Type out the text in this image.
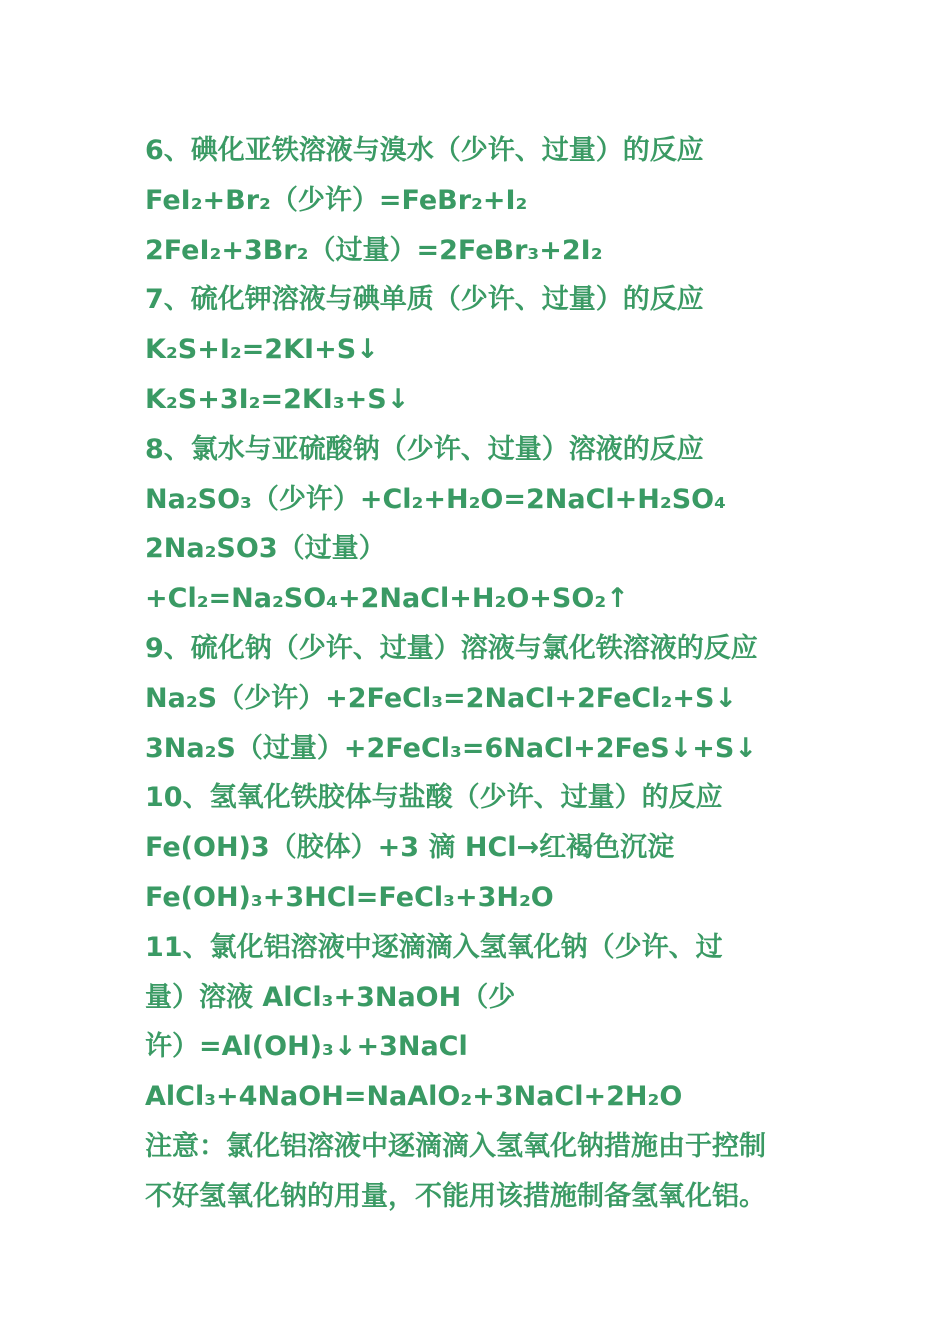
6、碘化亚铁溶液与溴水（少许、过量）的反应
FeI₂+Br₂（少许）=FeBr₂+I₂
2FeI₂+3Br₂（过量）=2FeBr₃+2I₂
7、硫化钾溶液与碘单质（少许、过量）的反应
K₂S+I₂=2KI+S↓
K₂S+3I₂=2KI₃+S↓
8、氯水与亚硫酸钠（少许、过量）溶液的反应
Na₂SO₃（少许）+Cl₂+H₂O=2NaCl+H₂SO₄
2Na₂SO3（过量）
+Cl₂=Na₂SO₄+2NaCl+H₂O+SO₂↑
9、硫化钠（少许、过量）溶液与氯化铁溶液的反应
Na₂S（少许）+2FeCl₃=2NaCl+2FeCl₂+S↓
3Na₂S（过量）+2FeCl₃=6NaCl+2FeS↓+S↓
10、氢氧化铁胶体与盐酸（少许、过量）的反应
Fe(OH)3（胶体）+3 滴 HCl→红褐色沉淀
Fe(OH)₃+3HCl=FeCl₃+3H₂O
11、氯化铝溶液中逐滴滴入氢氧化钠（少许、过
量）溶液 AlCl₃+3NaOH（少
许）=Al(OH)₃↓+3NaCl
AlCl₃+4NaOH=NaAlO₂+3NaCl+2H₂O
注意：氯化铝溶液中逐滴滴入氢氧化钠措施由于控制
不好氢氧化钠的用量，不能用该措施制备氢氧化铝。
